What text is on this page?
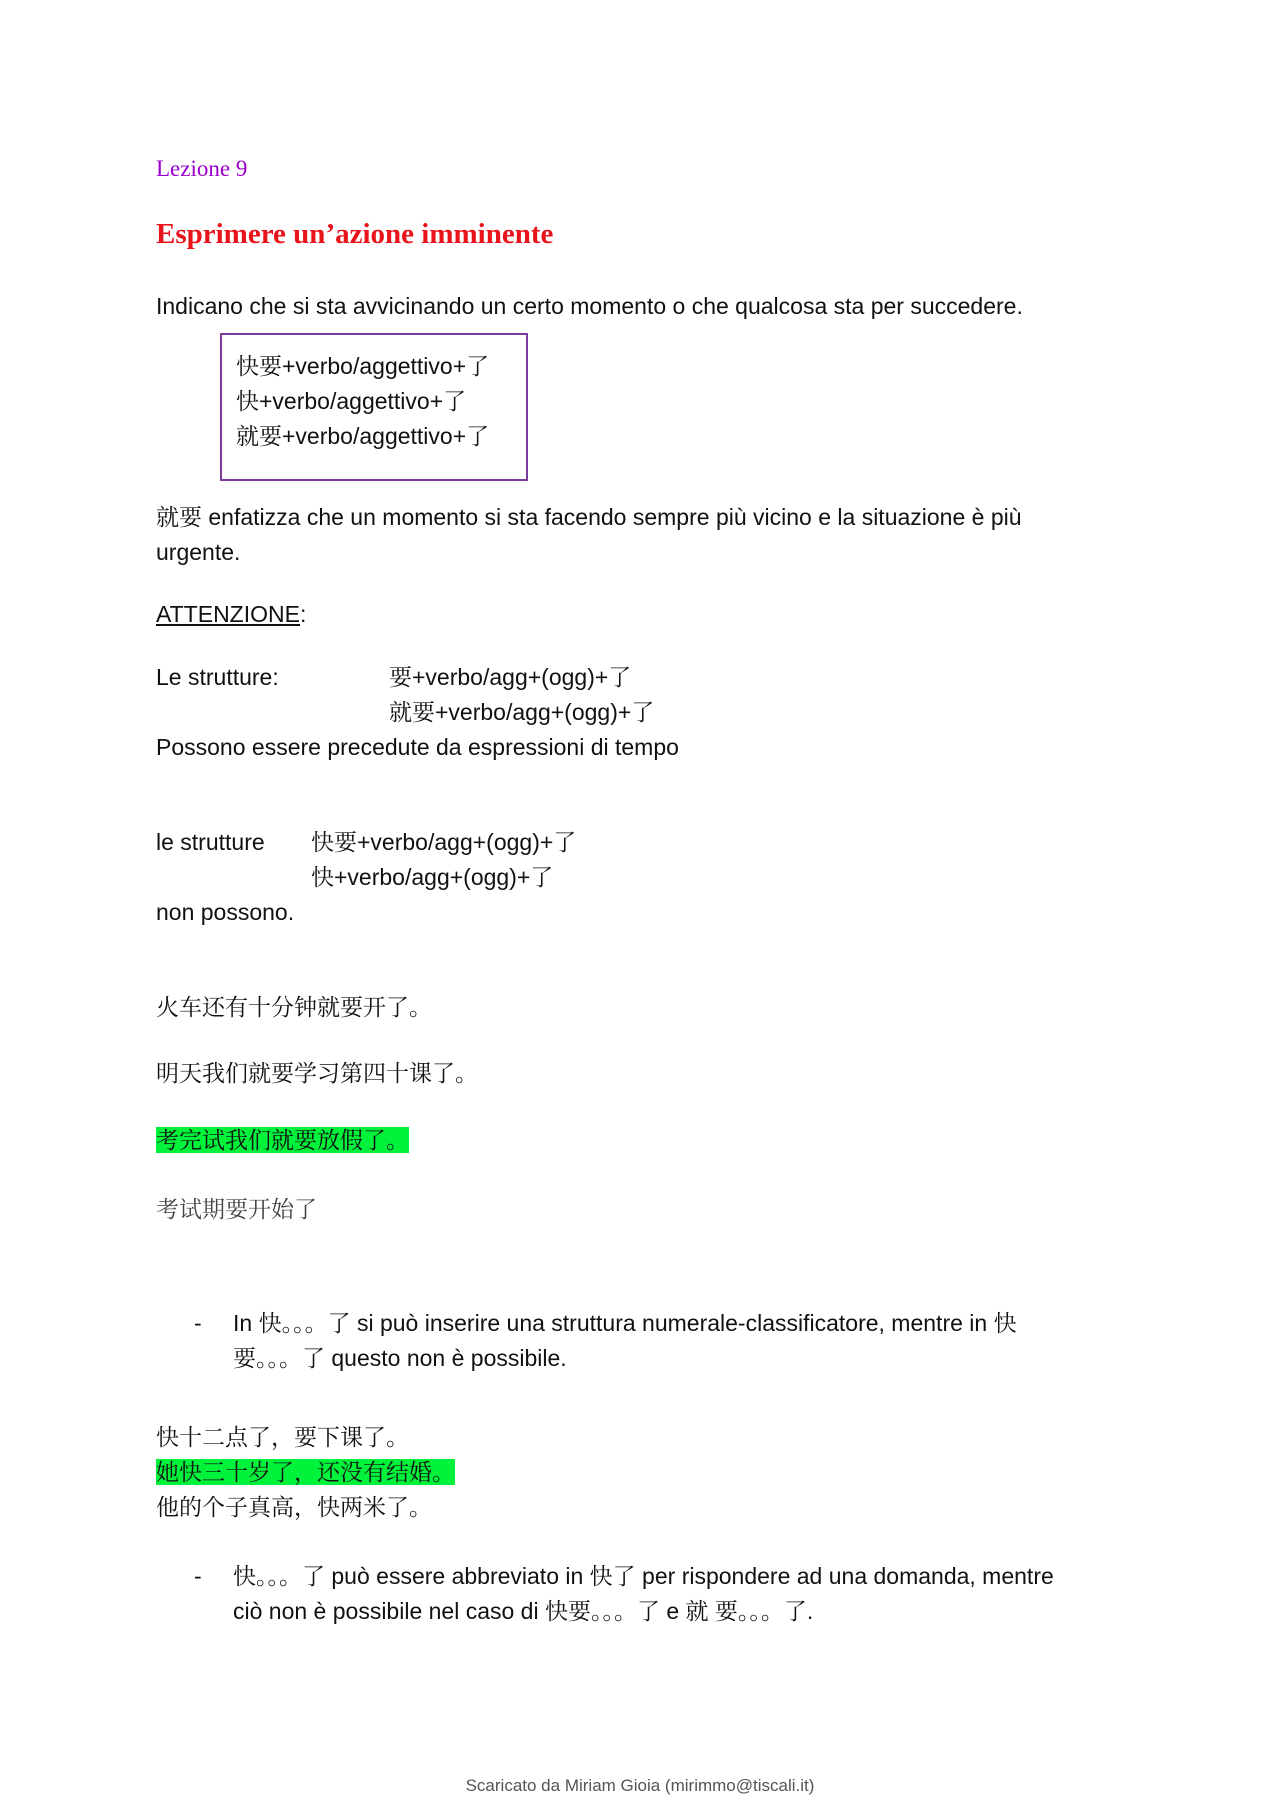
Lezione 9
Esprimere un’azione imminente
Indicano che si sta avvicinando un certo momento o che qualcosa sta per succedere.
快要+verbo/aggettivo+了
快+verbo/aggettivo+了
就要+verbo/aggettivo+了
就要 enfatizza che un momento si sta facendo sempre più vicino e la situazione è più
urgente.
ATTENZIONE:
Le strutture:	要+verbo/agg+(ogg)+了
就要+verbo/agg+(ogg)+了
Possono essere precedute da espressioni di tempo
le strutture 快要+verbo/agg+(ogg)+了
快+verbo/agg+(ogg)+了
non possono.
火车还有十分钟就要开了。
明天我们就要学习第四十课了。
考完试我们就要放假了。
考试期要开始了
- In 快。。。了 si può inserire una struttura numerale-classificatore, mentre in 快
要。。。了 questo non è possibile.
快十二点了，要下课了。
她快三十岁了，还没有结婚。
他的个子真高，快两米了。
- 快。。。了 può essere abbreviato in 快了 per rispondere ad una domanda, mentre
ciò non è possibile nel caso di 快要。。。了 e 就 要。。。了.
Scaricato da Miriam Gioia (mirimmo@tiscali.it)
